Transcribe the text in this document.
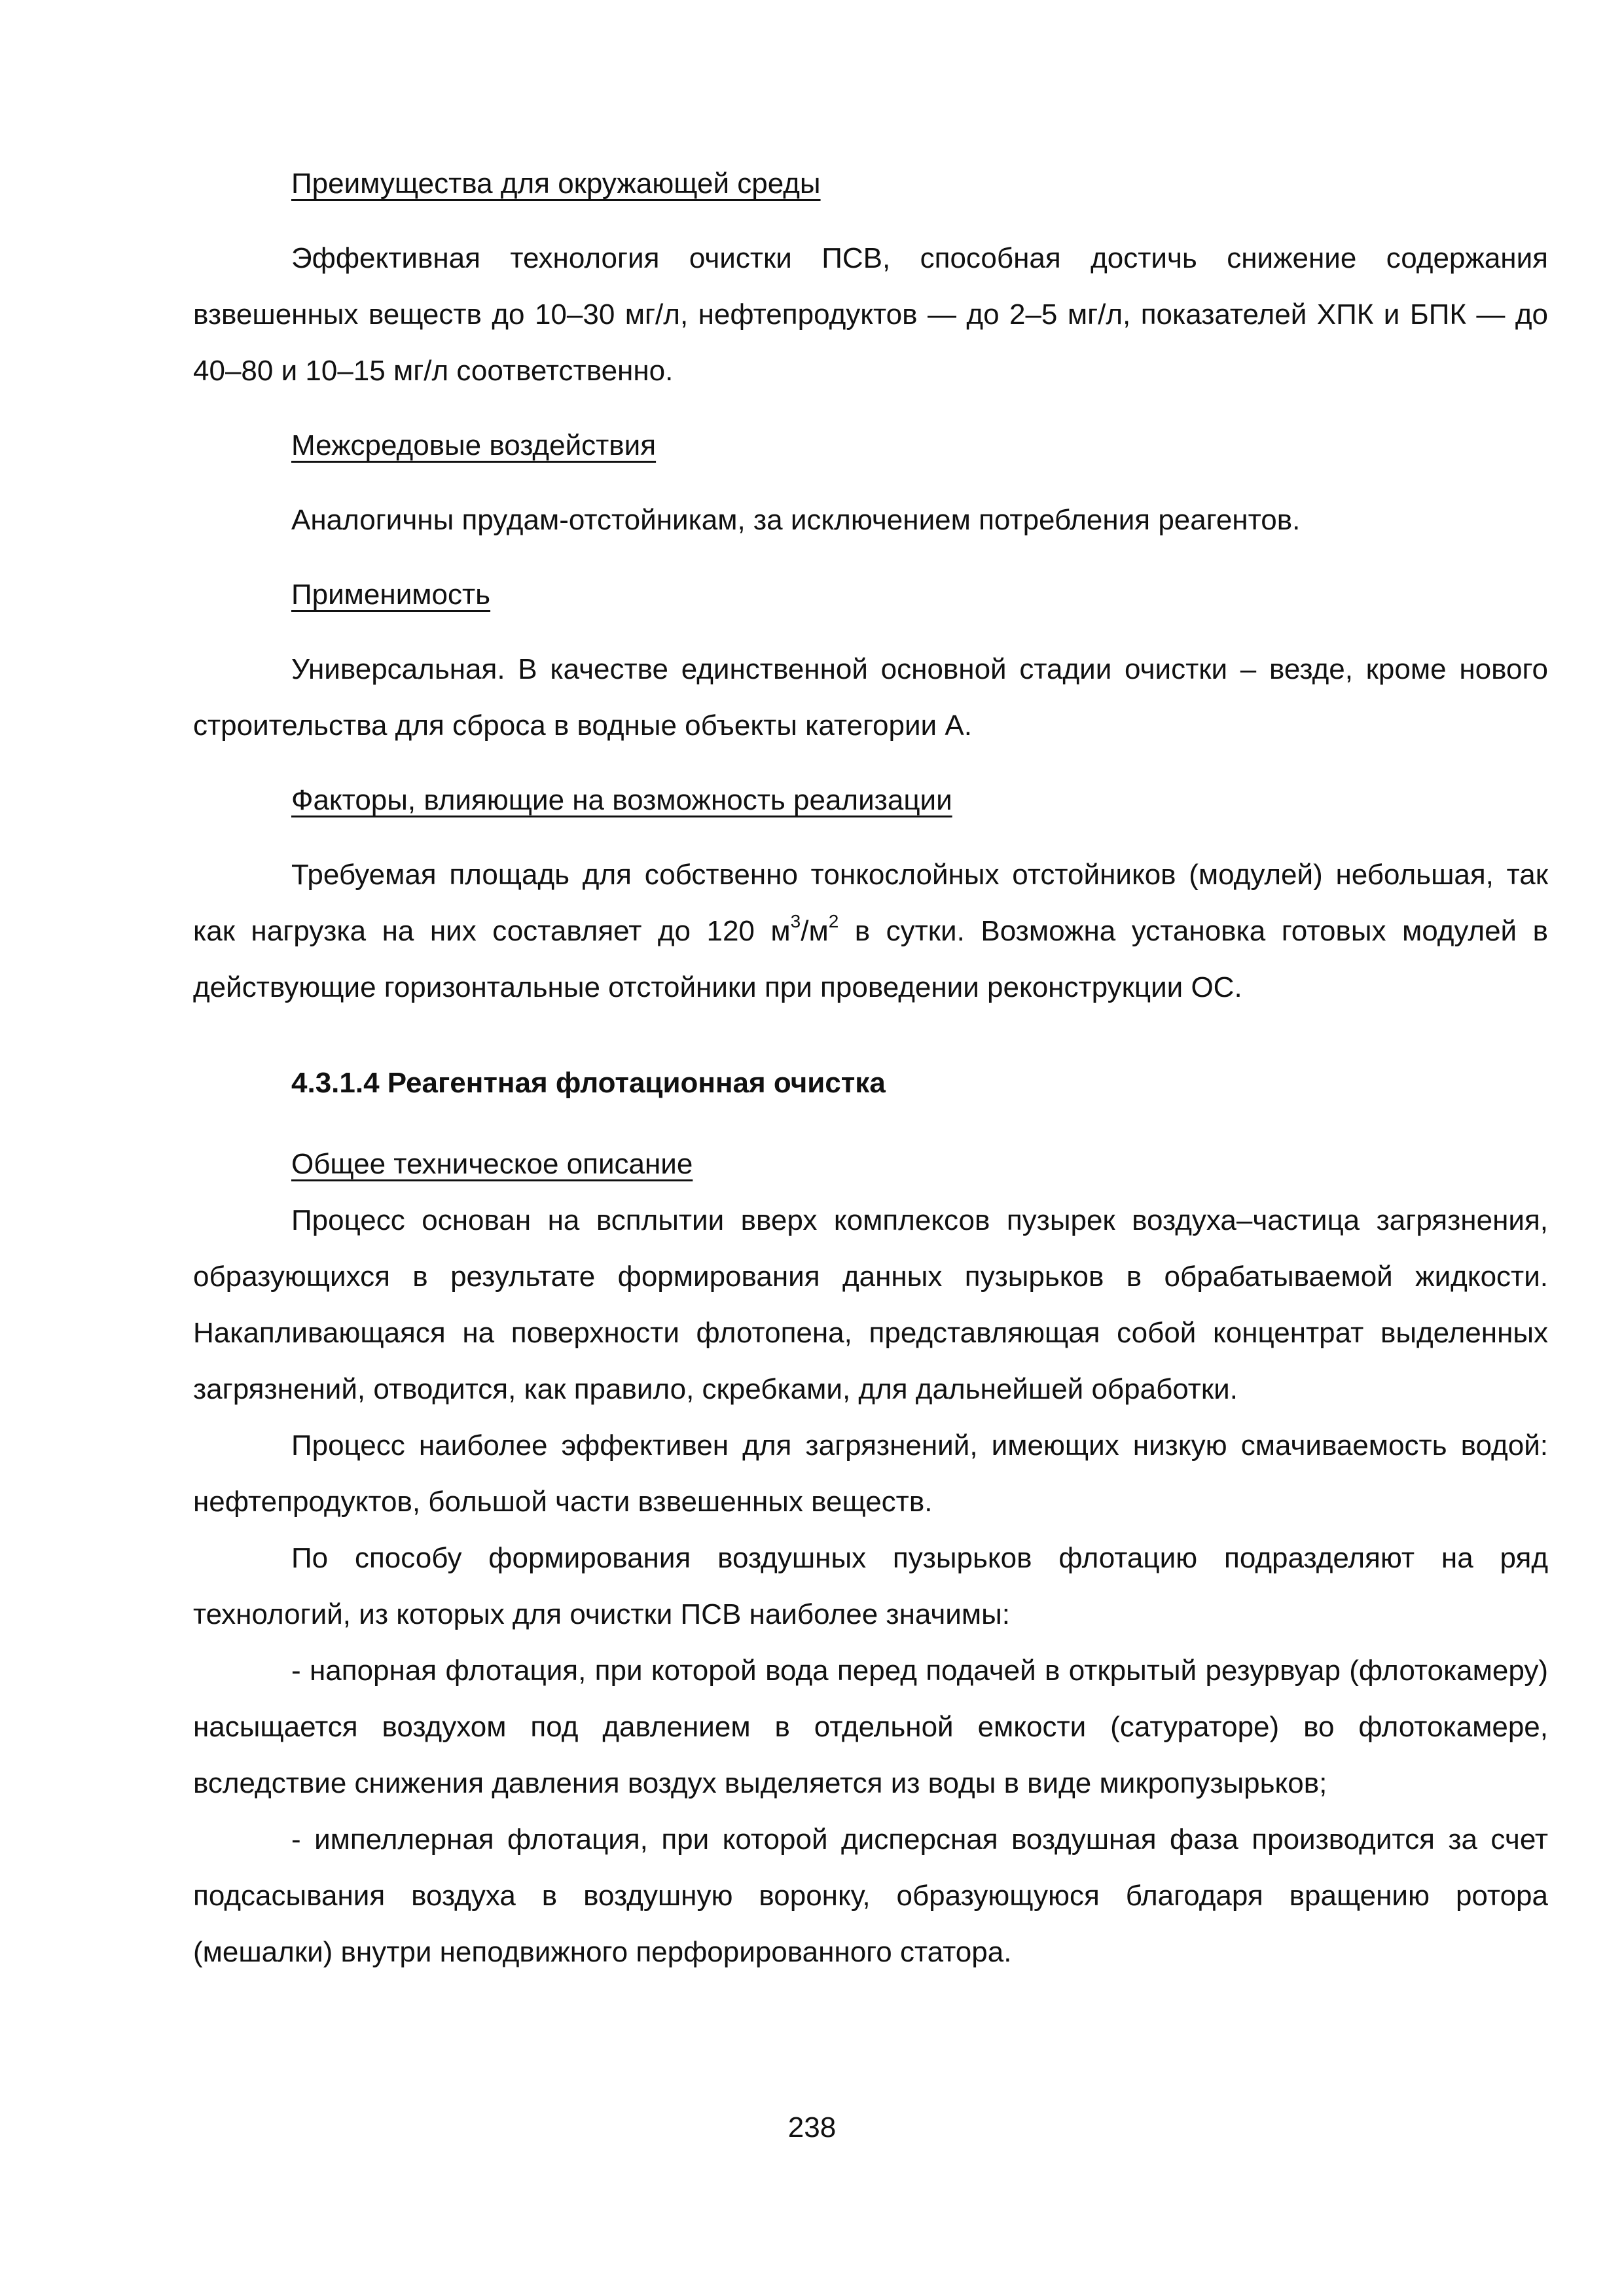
Преимущества для окружающей среды

Эффективная технология очистки ПСВ, способная достичь снижение содержания взвешенных веществ до 10–30 мг/л, нефтепродуктов — до 2–5 мг/л, показателей ХПК и БПК — до 40–80 и 10–15 мг/л соответственно.

Межсредовые воздействия

Аналогичны прудам-отстойникам, за исключением потребления реагентов.

Применимость

Универсальная. В качестве единственной основной стадии очистки – везде, кроме нового строительства для сброса в водные объекты категории А.

Факторы, влияющие на возможность реализации

Требуемая площадь для собственно тонкослойных отстойников (модулей) небольшая, так как нагрузка на них составляет до 120 $м^3/м^2$ в сутки. Возможна установка готовых модулей в действующие горизонтальные отстойники при проведении реконструкции ОС.

4.3.1.4 Реагентная флотационная очистка

Общее техническое описание

Процесс основан на всплытии вверх комплексов пузырек воздуха–частица загрязнения, образующихся в результате формирования данных пузырьков в обрабатываемой жидкости. Накапливающаяся на поверхности флотопена, представляющая собой концентрат выделенных загрязнений, отводится, как правило, скребками, для дальнейшей обработки.

Процесс наиболее эффективен для загрязнений, имеющих низкую смачиваемость водой: нефтепродуктов, большой части взвешенных веществ.

По способу формирования воздушных пузырьков флотацию подразделяют на ряд технологий, из которых для очистки ПСВ наиболее значимы:

- напорная флотация, при которой вода перед подачей в открытый резурвуар (флотокамеру) насыщается воздухом под давлением в отдельной емкости (сатураторе) во флотокамере, вследствие снижения давления воздух выделяется из воды в виде микропузырьков;

- импеллерная флотация, при которой дисперсная воздушная фаза производится за счет подсасывания воздуха в воздушную воронку, образующуюся благодаря вращению ротора (мешалки) внутри неподвижного перфорированного статора.

238
